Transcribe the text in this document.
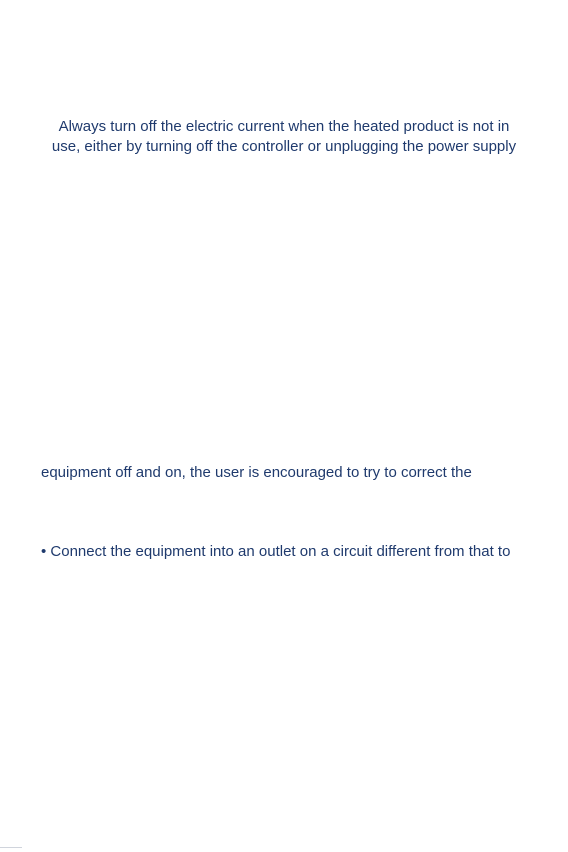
Always turn off the electric current when the heated product is not in
use, either by turning off the controller or unplugging the power supply
equipment off and on, the user is encouraged to try to correct the
• Connect the equipment into an outlet on a circuit different from that to
